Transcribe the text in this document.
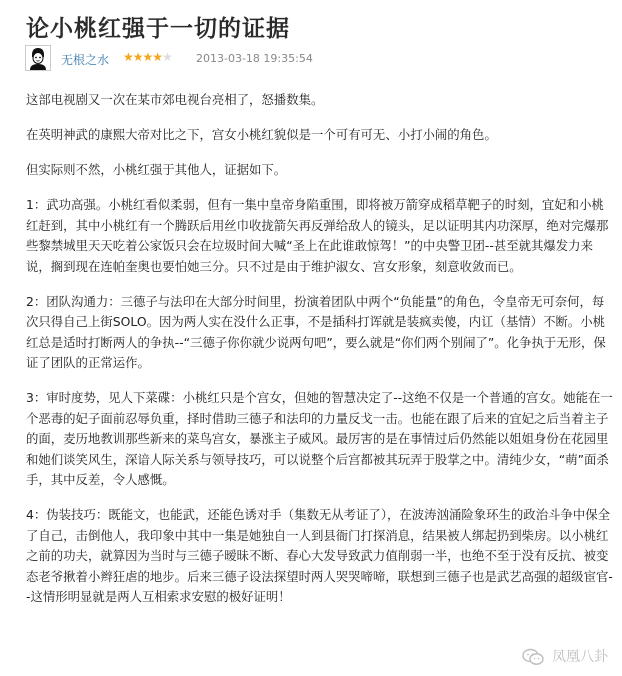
论小桃红强于一切的证据
无根之水 ★★★★★ 2013-03-18 19:35:54

这部电视剧又一次在某市郊电视台亮相了，怒播数集。

在英明神武的康熙大帝对比之下，宫女小桃红貌似是一个可有可无、小打小闹的角色。

但实际则不然，小桃红强于其他人，证据如下。

1：武功高强。小桃红看似柔弱，但有一集中皇帝身陷重围，即将被万箭穿成稻草靶子的时刻，宜妃和小桃红赶到，其中小桃红有一个腾跃后用丝巾收拢箭矢再反弹给敌人的镜头，足以证明其内功深厚，绝对完爆那些黎禁城里天天吃着公家饭只会在垃圾时间大喊“圣上在此谁敢惊驾！”的中央警卫团--甚至就其爆发力来说，搁到现在连帕奎奥也要怕她三分。只不过是由于维护淑女、宫女形象，刻意收敛而已。

2：团队沟通力：三德子与法印在大部分时间里，扮演着团队中两个“负能量”的角色，令皇帝无可奈何，每次只得自己上街SOLO。因为两人实在没什么正事，不是插科打诨就是装疯卖傻，内讧（基情）不断。小桃红总是适时打断两人的争执--“三德子你你就少说两句吧”，要么就是“你们两个别闹了”。化争执于无形，保证了团队的正常运作。

3：审时度势，见人下菜碟：小桃红只是个宫女，但她的智慧决定了--这绝不仅是一个普通的宫女。她能在一个恶毒的妃子面前忍辱负重，择时借助三德子和法印的力量反戈一击。也能在跟了后来的宜妃之后当着主子的面，麦历地教训那些新来的菜鸟宫女，暴涨主子威风。最厉害的是在事情过后仍然能以姐姐身份在花园里和她们谈笑风生，深谙人际关系与领导技巧，可以说整个后宫都被其玩弄于股掌之中。清纯少女，“萌”面杀手，其中反差，令人感慨。

4：伪装技巧：既能文，也能武，还能色诱对手（集数无从考证了），在波涛汹涌险象环生的政治斗争中保全了自己，击倒他人，我印象中其中一集是她独自一人到县衙门打探消息，结果被人绑起扔到柴房。以小桃红之前的功夫，就算因为当时与三德子暧昧不断、春心大发导致武力值削弱一半，也绝不至于没有反抗、被变态老爷揪着小辫狂虐的地步。后来三德子设法探望时两人哭哭啼啼，联想到三德子也是武艺高强的超级宦官--这情形明显就是两人互相索求安慰的极好证明！

凤凰八卦
